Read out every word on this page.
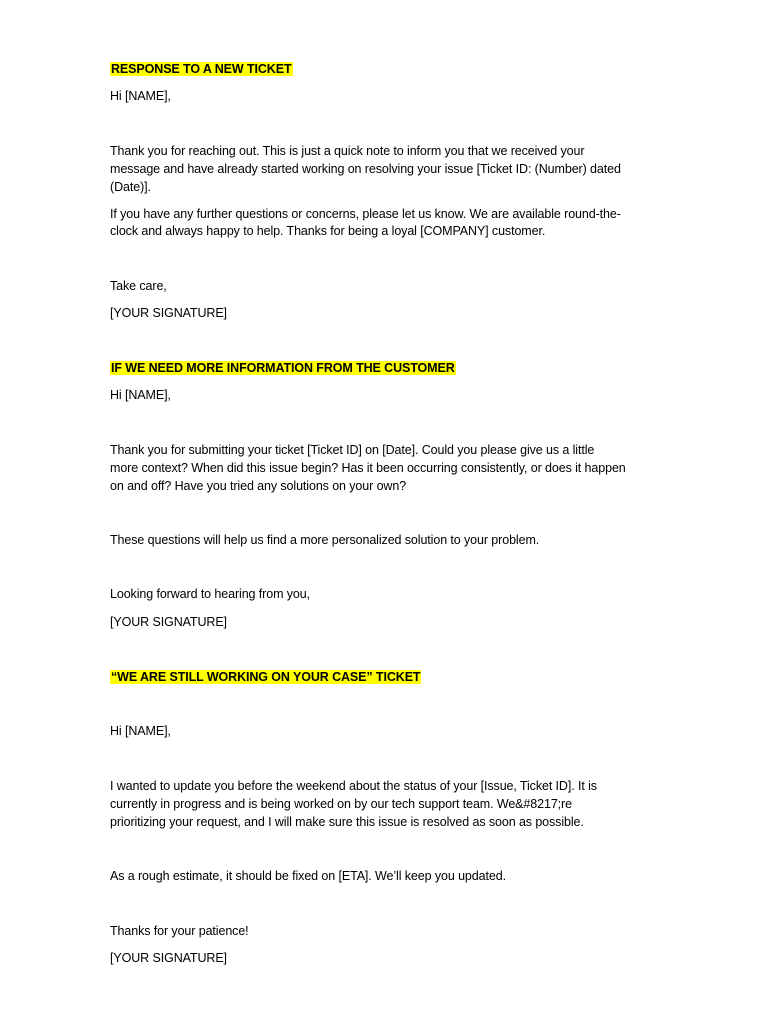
RESPONSE TO A NEW TICKET
Hi [NAME],
Thank you for reaching out. This is just a quick note to inform you that we received your
message and have already started working on resolving your issue [Ticket ID: (Number) dated
(Date)].
If you have any further questions or concerns, please let us know. We are available round-the-
clock and always happy to help. Thanks for being a loyal [COMPANY] customer.
Take care,
[YOUR SIGNATURE]
IF WE NEED MORE INFORMATION FROM THE CUSTOMER
Hi [NAME],
Thank you for submitting your ticket [Ticket ID] on [Date]. Could you please give us a little
more context? When did this issue begin? Has it been occurring consistently, or does it happen
on and off? Have you tried any solutions on your own?
These questions will help us find a more personalized solution to your problem.
Looking forward to hearing from you,
[YOUR SIGNATURE]
“WE ARE STILL WORKING ON YOUR CASE” TICKET
Hi [NAME],
I wanted to update you before the weekend about the status of your [Issue, Ticket ID]. It is
currently in progress and is being worked on by our tech support team. We&#8217;re
prioritizing your request, and I will make sure this issue is resolved as soon as possible.
As a rough estimate, it should be fixed on [ETA]. We’ll keep you updated.
Thanks for your patience!
[YOUR SIGNATURE]
